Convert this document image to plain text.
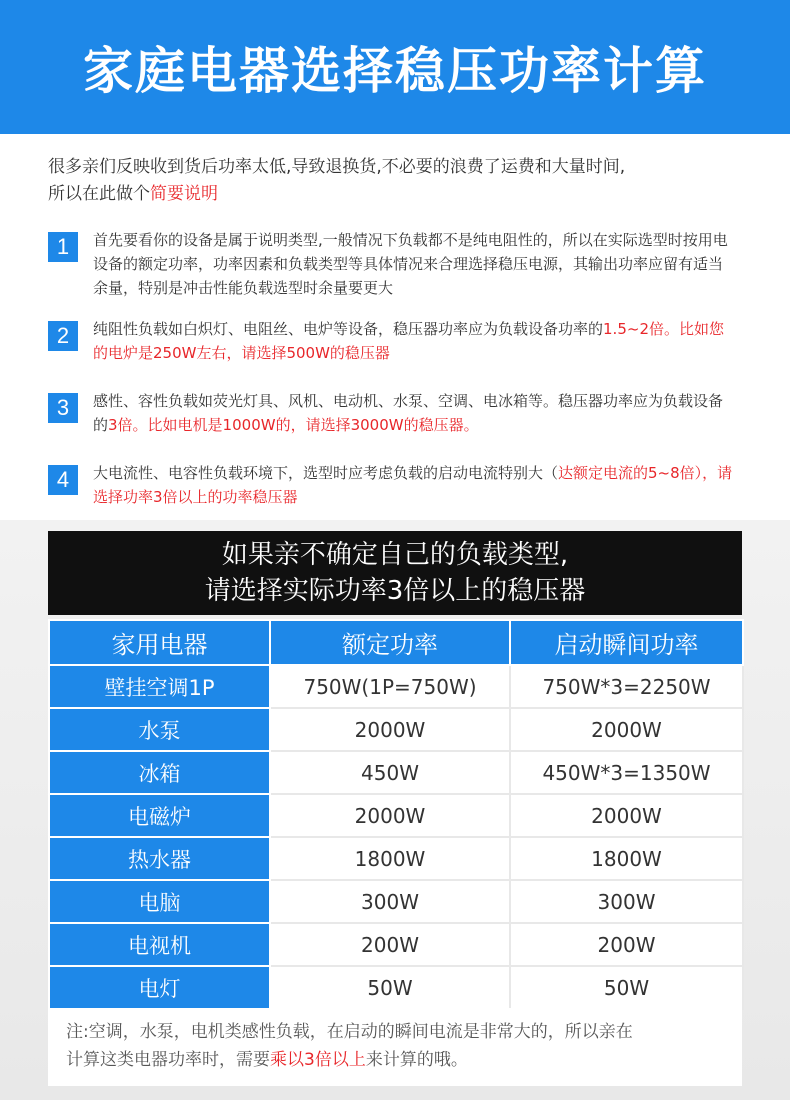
家庭电器选择稳压功率计算
很多亲们反映收到货后功率太低,导致退换货,不必要的浪费了运费和大量时间,
所以在此做个简要说明
1	首先要看你的设备是属于说明类型,一般情况下负载都不是纯电阻性的，所以在实际选型时按用电设备的额定功率，功率因素和负载类型等具体情况来合理选择稳压电源，其输出功率应留有适当余量，特别是冲击性能负载选型时余量要更大
2	纯阻性负载如白炽灯、电阻丝、电炉等设备，稳压器功率应为负载设备功率的1.5~2倍。比如您的电炉是250W左右，请选择500W的稳压器
3	感性、容性负载如荧光灯具、风机、电动机、水泵、空调、电冰箱等。稳压器功率应为负载设备的3倍。比如电机是1000W的，请选择3000W的稳压器。
4	大电流性、电容性负载环境下，选型时应考虑负载的启动电流特别大（达额定电流的5~8倍），请选择功率3倍以上的功率稳压器
如果亲不确定自己的负载类型,
请选择实际功率3倍以上的稳压器
家用电器	额定功率	启动瞬间功率
壁挂空调1P	750W(1P=750W)	750W*3=2250W
水泵	2000W	2000W
冰箱	450W	450W*3=1350W
电磁炉	2000W	2000W
热水器	1800W	1800W
电脑	300W	300W
电视机	200W	200W
电灯	50W	50W
注:空调，水泵，电机类感性负载，在启动的瞬间电流是非常大的，所以亲在
计算这类电器功率时，需要乘以3倍以上来计算的哦。
